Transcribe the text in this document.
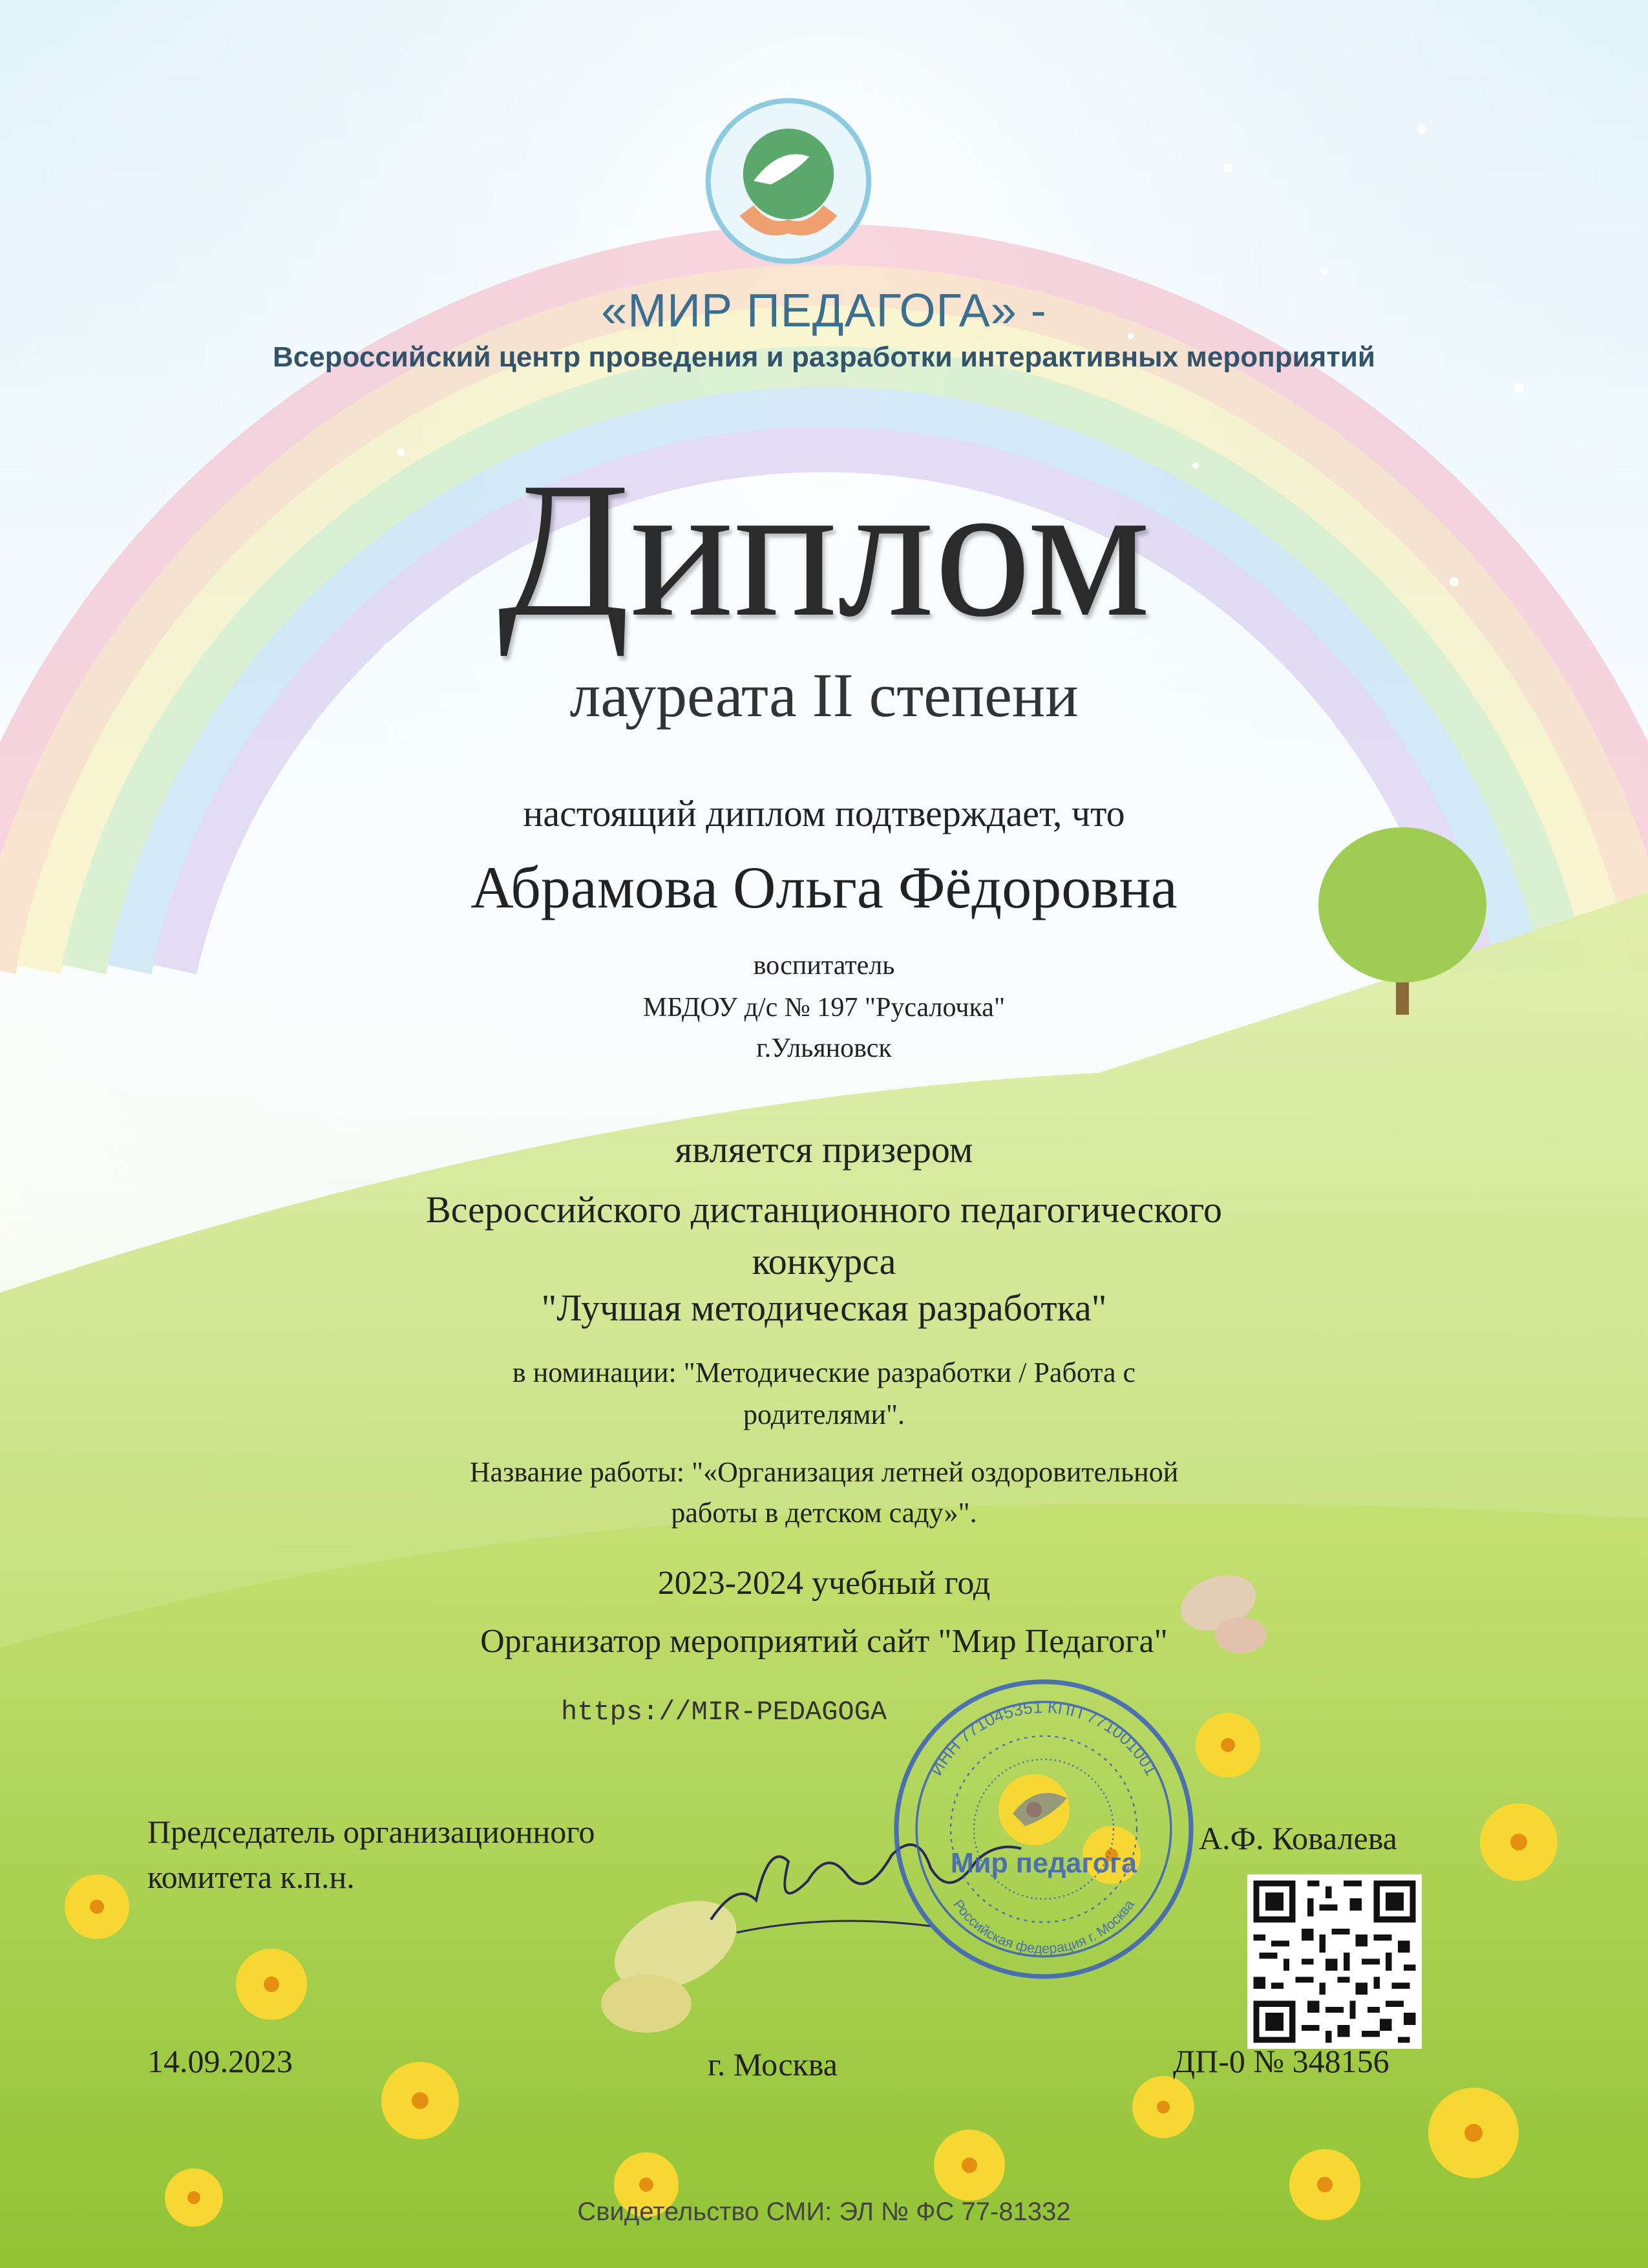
«МИР ПЕДАГОГА» -
Всероссийский центр проведения и разработки интерактивных мероприятий
Диплом
лауреата II степени
настоящий диплом подтверждает, что
Абрамова Ольга Фёдоровна
воспитатель
МБДОУ д/с № 197 "Русалочка"
г.Ульяновск
является призером
Всероссийского дистанционного педагогического
конкурса
"Лучшая методическая разработка"
в номинации: "Методические разработки / Работа с
родителями".
Название работы: "«Организация летней оздоровительной
работы в детском саду»".
2023-2024 учебный год
Организатор мероприятий сайт "Мир Педагога"
https://MIR-PEDAGOGA
Председатель организационного
комитета к.п.н.
А.Ф. Ковалева
ИНН 771045351 КПП 771001001
Российская федерация г. Москва
Мир педагога
14.09.2023	г. Москва	ДП-0 № 348156
Свидетельство СМИ: ЭЛ № ФС 77-81332
